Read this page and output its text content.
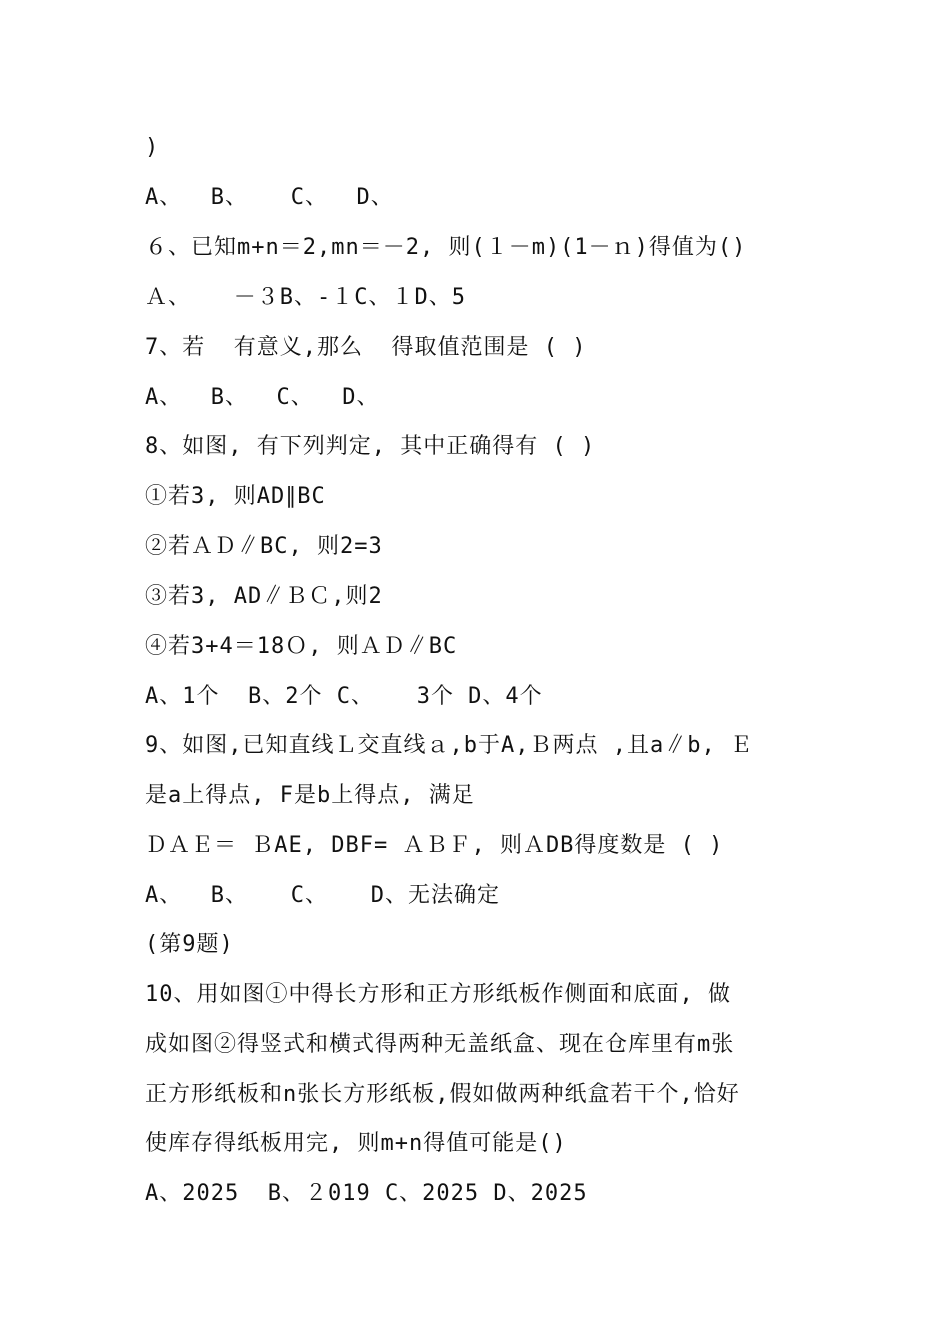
)
A、  B、   C、  D、
６、已知m+n＝2,mn＝－2, 则(１－m)(1－ｎ)得值为()
Ａ、   －３B、-１C、１D、5
7、若  有意义,那么  得取值范围是 ( )
A、  B、  C、  D、
8、如图, 有下列判定, 其中正确得有 ( )
①若3, 则AD∥BC
②若ＡＤ∥BC, 则2=3
③若3, AD∥ＢＣ,则2
④若3+4＝18Ｏ, 则ＡＤ∥BC
A、1个  B、2个 C、   3个 D、4个
9、如图,已知直线Ｌ交直线ａ,b于A,Ｂ两点 ,且a∥b, Ｅ
是a上得点, F是b上得点, 满足
ＤＡＥ＝ ＢAE, DBF= ＡＢＦ, 则ＡDB得度数是 ( )
A、  B、   C、   D、无法确定
(第9题)
10、用如图①中得长方形和正方形纸板作侧面和底面, 做
成如图②得竖式和横式得两种无盖纸盒、现在仓库里有m张
正方形纸板和n张长方形纸板,假如做两种纸盒若干个,恰好
使库存得纸板用完, 则m+n得值可能是()
A、2025  B、２019 C、2025 D、2025
